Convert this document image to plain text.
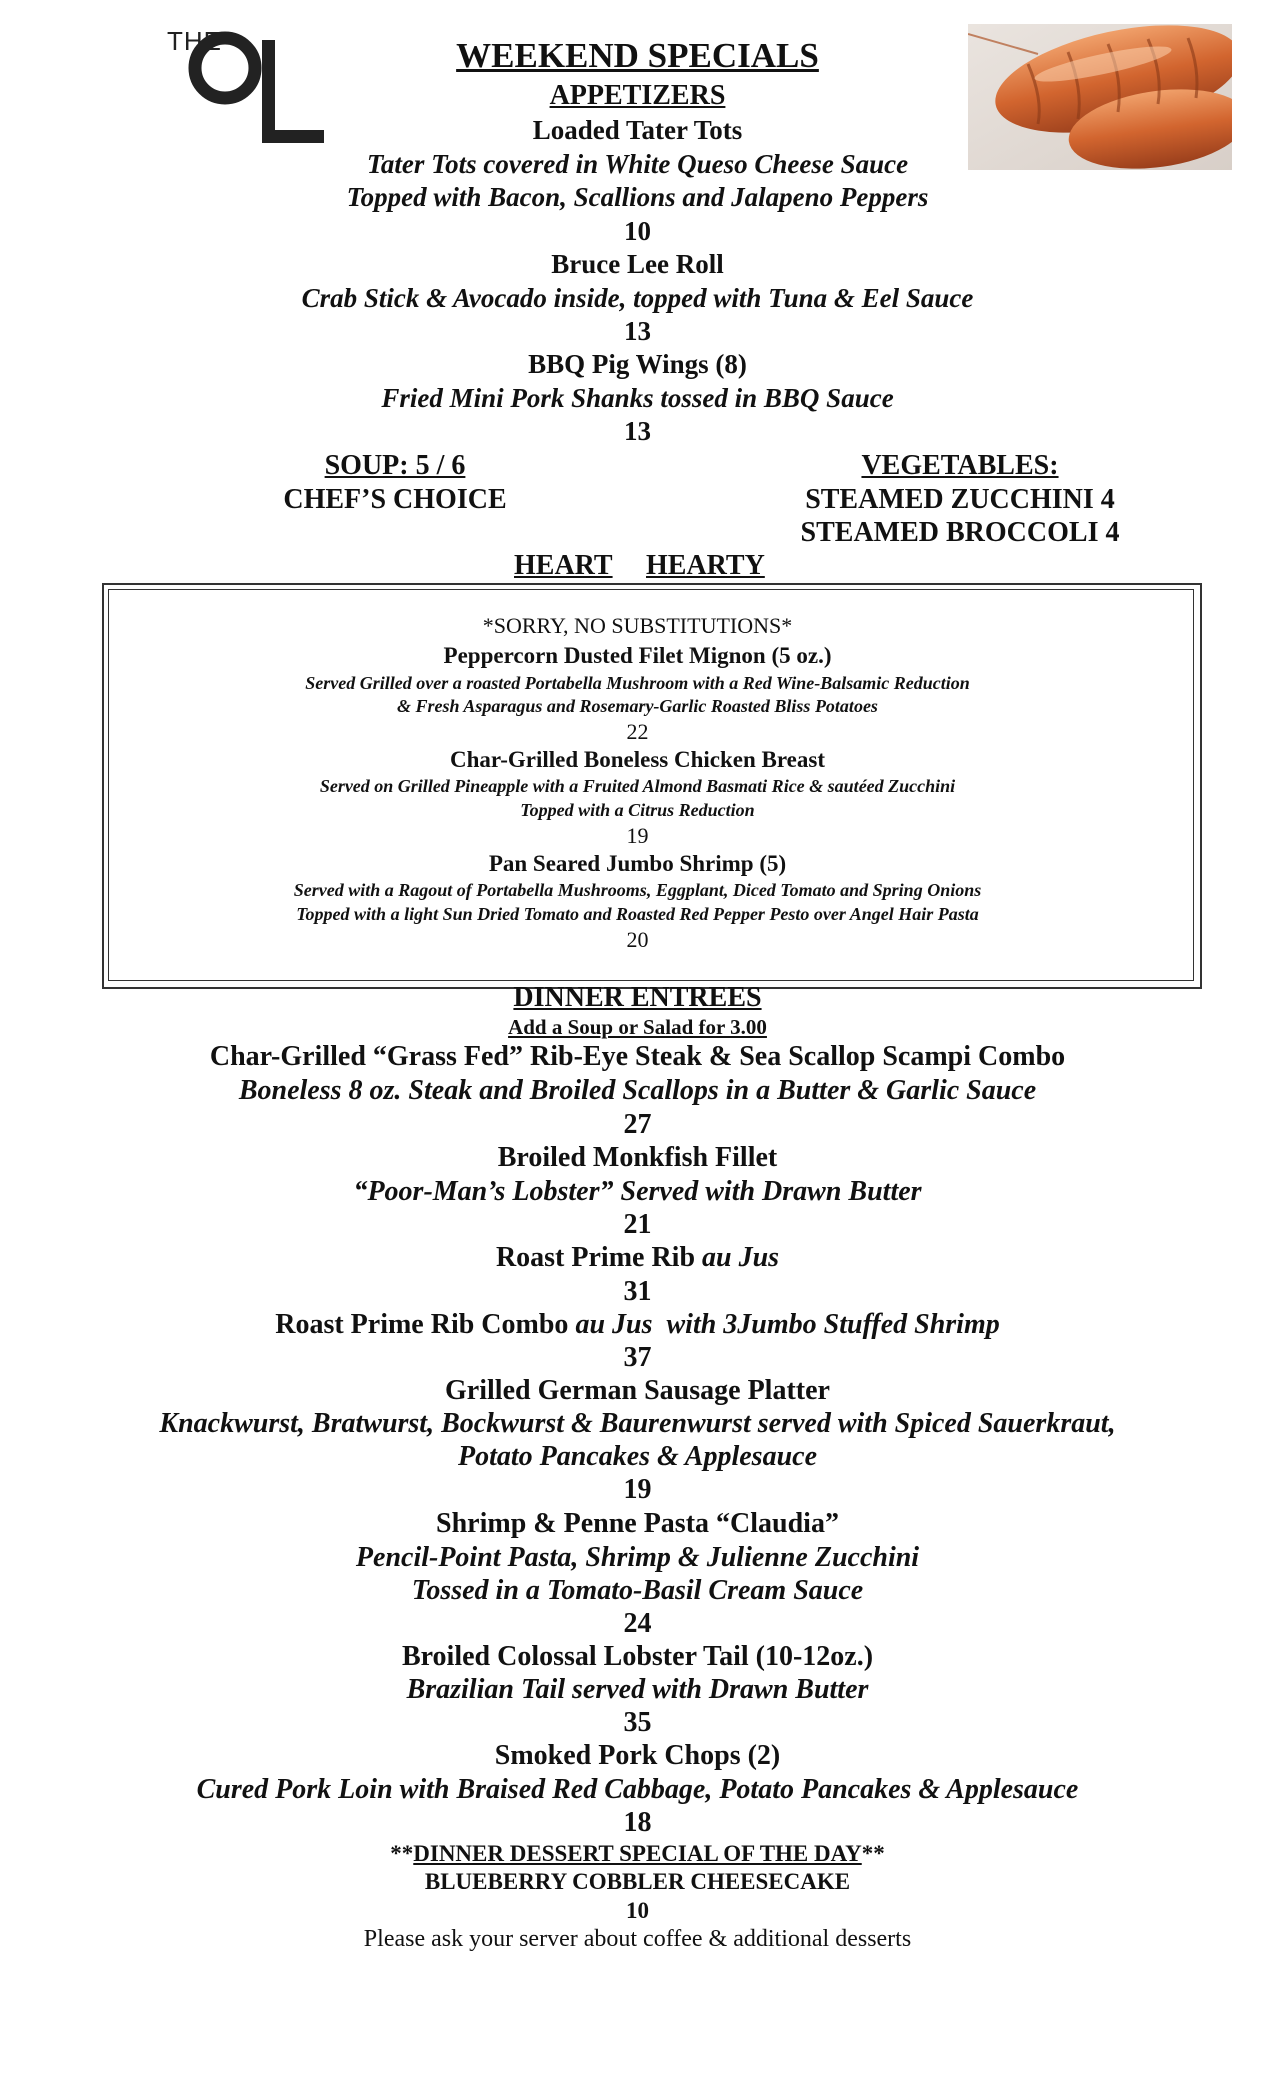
THE	WEEKEND SPECIALS
APPETIZERS
Loaded Tater Tots
Tater Tots covered in White Queso Cheese Sauce
Topped with Bacon, Scallions and Jalapeno Peppers
10
Bruce Lee Roll
Crab Stick & Avocado inside, topped with Tuna & Eel Sauce
13
BBQ Pig Wings (8)
Fried Mini Pork Shanks tossed in BBQ Sauce
13
SOUP: 5 / 6
CHEF’S CHOICE
VEGETABLES:
STEAMED ZUCCHINI 4
STEAMED BROCCOLI 4
HEART HEARTY
*SORRY, NO SUBSTITUTIONS*
Peppercorn Dusted Filet Mignon (5 oz.)
Served Grilled over a roasted Portabella Mushroom with a Red Wine-Balsamic Reduction
& Fresh Asparagus and Rosemary-Garlic Roasted Bliss Potatoes
22
Char-Grilled Boneless Chicken Breast
Served on Grilled Pineapple with a Fruited Almond Basmati Rice & sautéed Zucchini
Topped with a Citrus Reduction
19
Pan Seared Jumbo Shrimp (5)
Served with a Ragout of Portabella Mushrooms, Eggplant, Diced Tomato and Spring Onions
Topped with a light Sun Dried Tomato and Roasted Red Pepper Pesto over Angel Hair Pasta
20
DINNER ENTREES
Add a Soup or Salad for 3.00
Char-Grilled “Grass Fed” Rib-Eye Steak & Sea Scallop Scampi Combo
Boneless 8 oz. Steak and Broiled Scallops in a Butter & Garlic Sauce
27
Broiled Monkfish Fillet
“Poor-Man’s Lobster” Served with Drawn Butter
21
Roast Prime Rib au Jus
31
Roast Prime Rib Combo au Jus with 3Jumbo Stuffed Shrimp
37
Grilled German Sausage Platter
Knackwurst, Bratwurst, Bockwurst & Baurenwurst served with Spiced Sauerkraut,
Potato Pancakes & Applesauce
19
Shrimp & Penne Pasta “Claudia”
Pencil-Point Pasta, Shrimp & Julienne Zucchini
Tossed in a Tomato-Basil Cream Sauce
24
Broiled Colossal Lobster Tail (10-12oz.)
Brazilian Tail served with Drawn Butter
35
Smoked Pork Chops (2)
Cured Pork Loin with Braised Red Cabbage, Potato Pancakes & Applesauce
18
**DINNER DESSERT SPECIAL OF THE DAY**
BLUEBERRY COBBLER CHEESECAKE
10
Please ask your server about coffee & additional desserts
